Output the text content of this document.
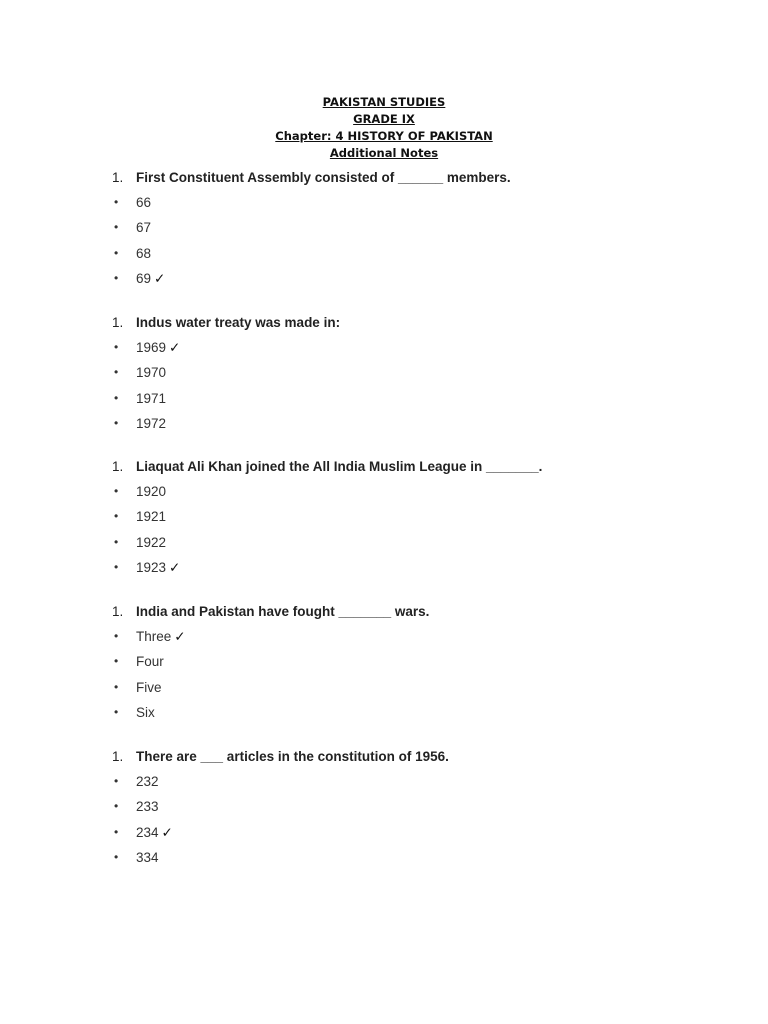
PAKISTAN STUDIES
GRADE IX
Chapter: 4 HISTORY OF PAKISTAN
Additional Notes
1. First Constituent Assembly consisted of ______ members.
• 66
• 67
• 68
• 69 ✓
1. Indus water treaty was made in:
• 1969 ✓
• 1970
• 1971
• 1972
1. Liaquat Ali Khan joined the All India Muslim League in _______.
• 1920
• 1921
• 1922
• 1923 ✓
1. India and Pakistan have fought _______ wars.
• Three ✓
• Four
• Five
• Six
1. There are ___ articles in the constitution of 1956.
• 232
• 233
• 234 ✓
• 334
